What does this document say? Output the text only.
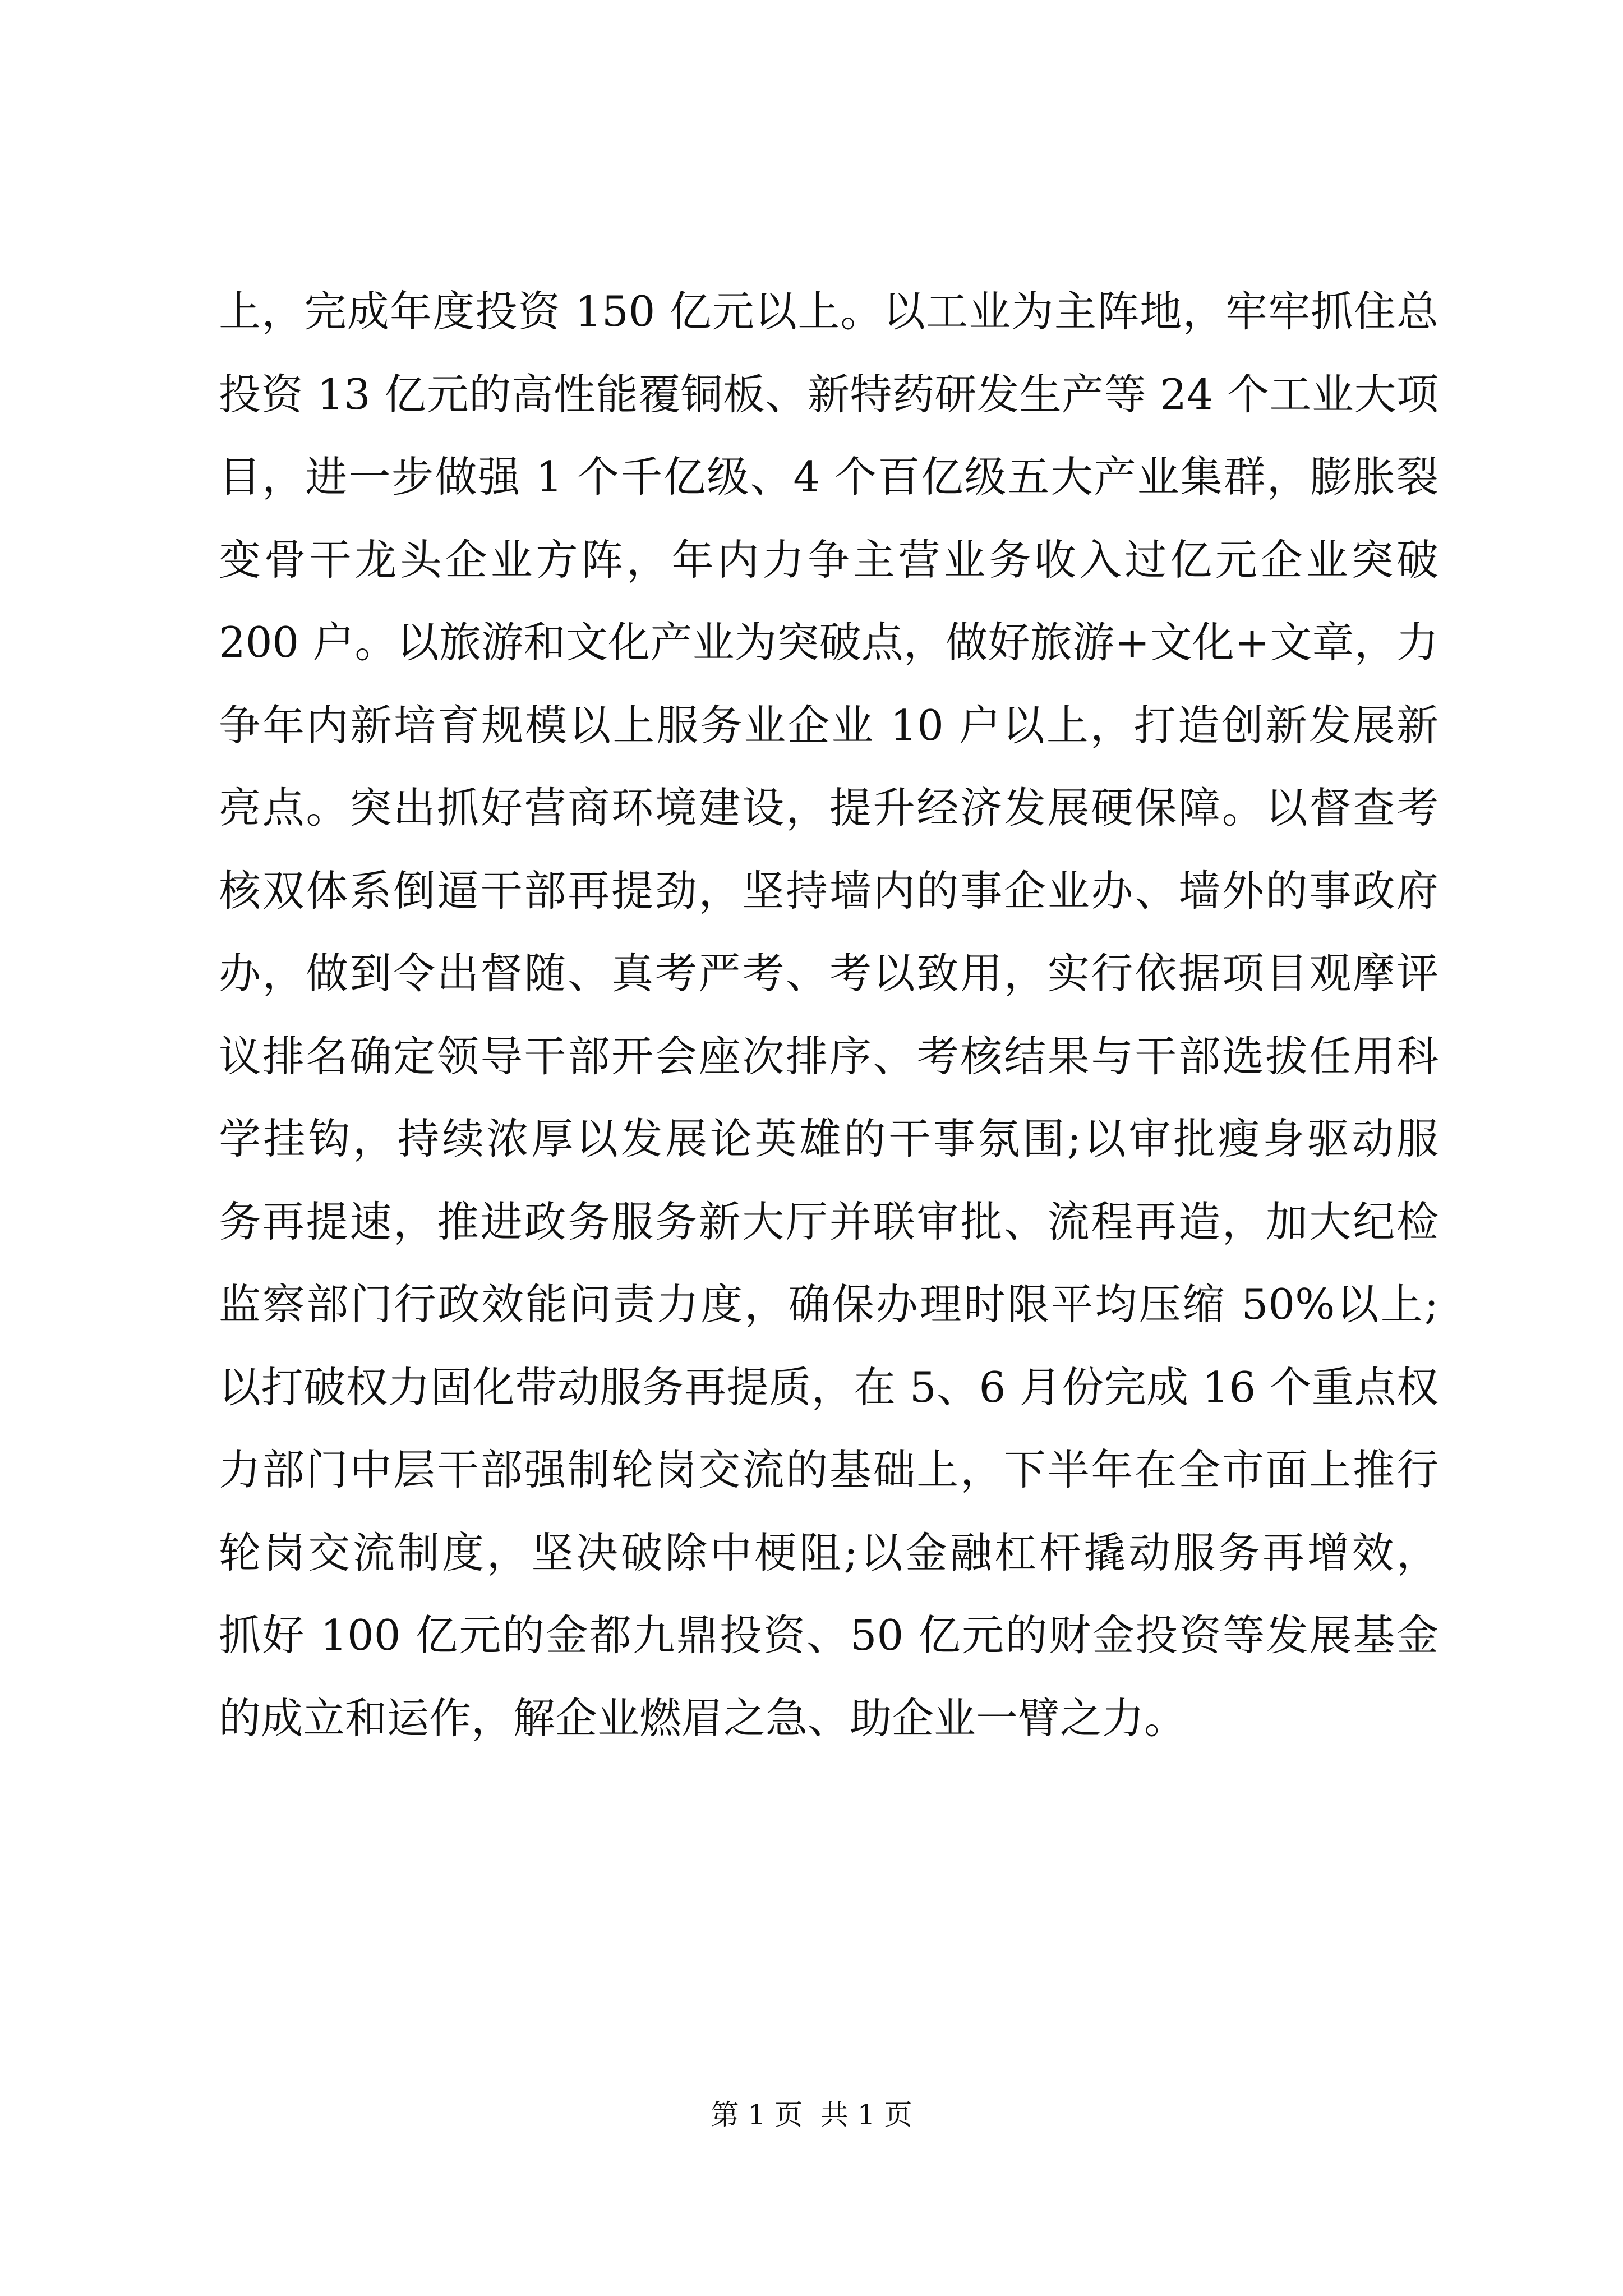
上，完成年度投资 150 亿元以上。以工业为主阵地，牢牢抓住总
投资 13 亿元的高性能覆铜板、新特药研发生产等 24 个工业大项
目，进一步做强 1 个千亿级、4 个百亿级五大产业集群，膨胀裂
变骨干龙头企业方阵，年内力争主营业务收入过亿元企业突破
200 户。以旅游和文化产业为突破点，做好旅游+文化+文章，力
争年内新培育规模以上服务业企业 10 户以上，打造创新发展新
亮点。突出抓好营商环境建设，提升经济发展硬保障。以督查考
核双体系倒逼干部再提劲，坚持墙内的事企业办、墙外的事政府
办，做到令出督随、真考严考、考以致用，实行依据项目观摩评
议排名确定领导干部开会座次排序、考核结果与干部选拔任用科
学挂钩，持续浓厚以发展论英雄的干事氛围;以审批瘦身驱动服
务再提速，推进政务服务新大厅并联审批、流程再造，加大纪检
监察部门行政效能问责力度，确保办理时限平均压缩 50%以上;
以打破权力固化带动服务再提质，在 5、6 月份完成 16 个重点权
力部门中层干部强制轮岗交流的基础上，下半年在全市面上推行
轮岗交流制度，坚决破除中梗阻;以金融杠杆撬动服务再增效，
抓好 100 亿元的金都九鼎投资、50 亿元的财金投资等发展基金
的成立和运作，解企业燃眉之急、助企业一臂之力。
第 1 页  共 1 页
